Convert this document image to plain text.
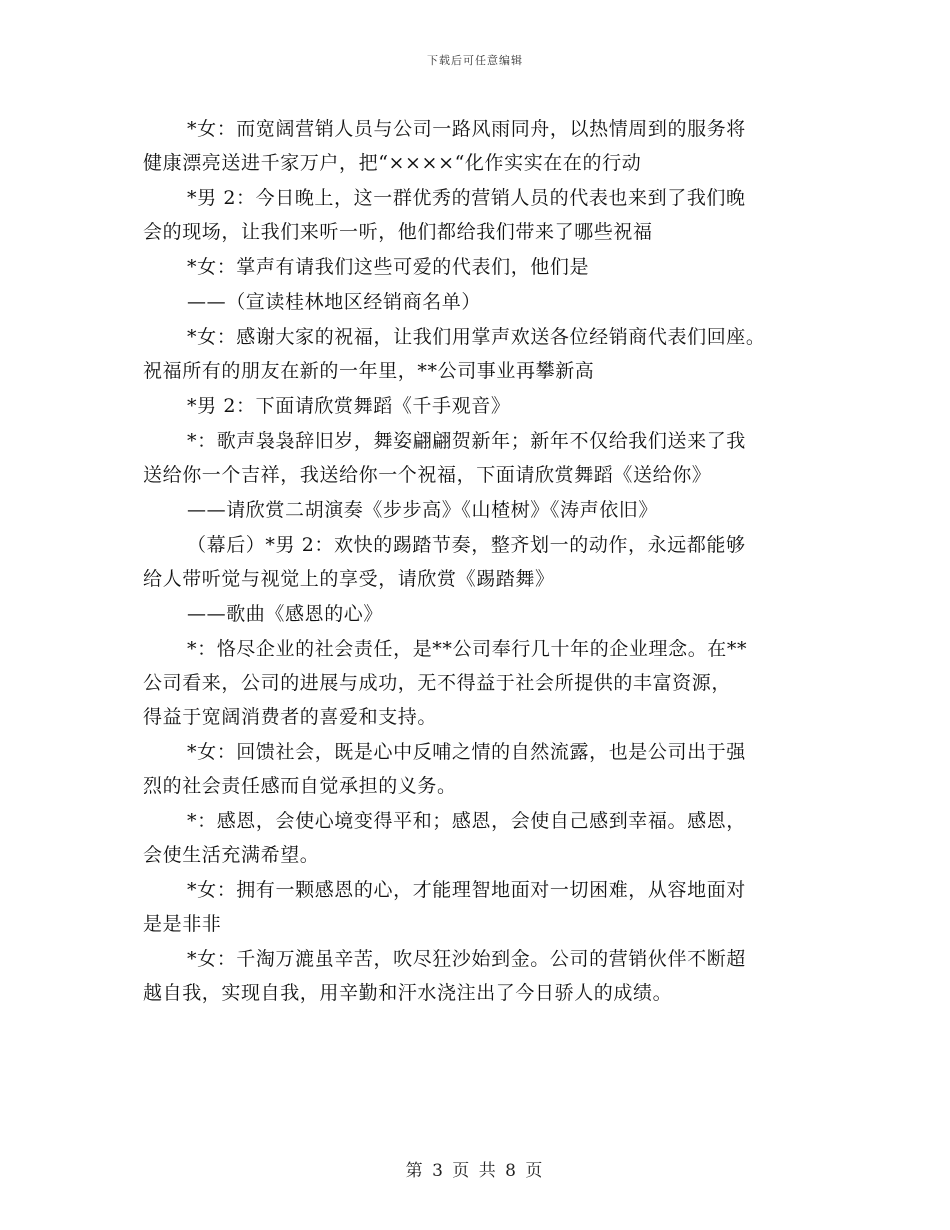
下载后可任意编辑
*女：而宽阔营销人员与公司一路风雨同舟，以热情周到的服务将
健康漂亮送进千家万户，把“××××“化作实实在在的行动
*男 2：今日晚上，这一群优秀的营销人员的代表也来到了我们晚
会的现场，让我们来听一听，他们都给我们带来了哪些祝福
*女：掌声有请我们这些可爱的代表们，他们是
——（宣读桂林地区经销商名单）
*女：感谢大家的祝福，让我们用掌声欢送各位经销商代表们回座。
祝福所有的朋友在新的一年里，**公司事业再攀新高
*男 2：下面请欣赏舞蹈《千手观音》
*：歌声袅袅辞旧岁，舞姿翩翩贺新年；新年不仅给我们送来了我
送给你一个吉祥，我送给你一个祝福，下面请欣赏舞蹈《送给你》
——请欣赏二胡演奏《步步高》《山楂树》《涛声依旧》
（幕后）*男 2：欢快的踢踏节奏，整齐划一的动作，永远都能够
给人带听觉与视觉上的享受，请欣赏《踢踏舞》
——歌曲《感恩的心》
*：恪尽企业的社会责任，是**公司奉行几十年的企业理念。在**
公司看来，公司的进展与成功，无不得益于社会所提供的丰富资源，
得益于宽阔消费者的喜爱和支持。
*女：回馈社会，既是心中反哺之情的自然流露，也是公司出于强
烈的社会责任感而自觉承担的义务。
*：感恩，会使心境变得平和；感恩，会使自己感到幸福。感恩，
会使生活充满希望。
*女：拥有一颗感恩的心，才能理智地面对一切困难，从容地面对
是是非非
*女：千淘万漉虽辛苦，吹尽狂沙始到金。公司的营销伙伴不断超
越自我，实现自我，用辛勤和汗水浇注出了今日骄人的成绩。
第 3 页 共 8 页
